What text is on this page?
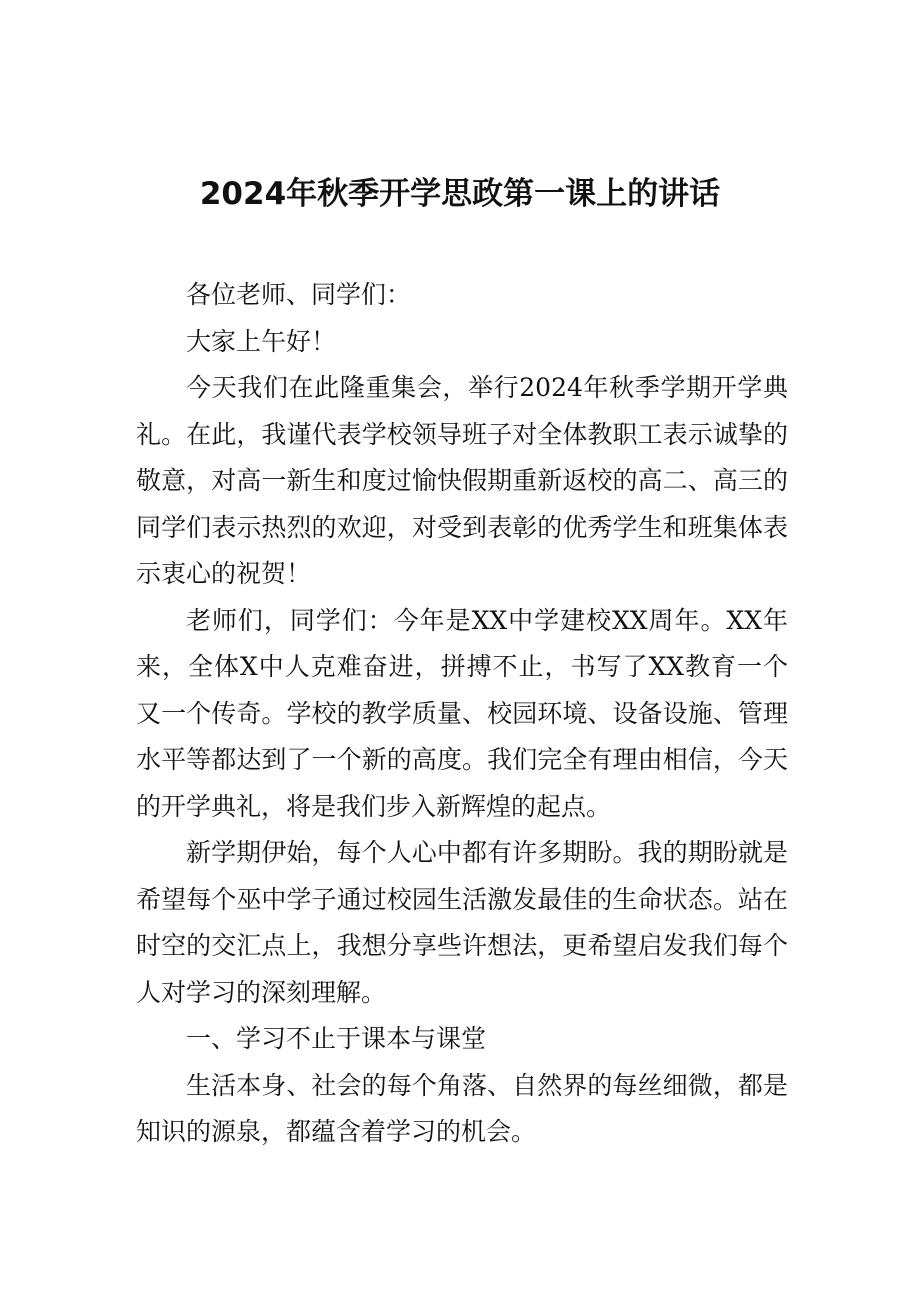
2024年秋季开学思政第一课上的讲话

各位老师、同学们：

大家上午好！

今天我们在此隆重集会，举行2024年秋季学期开学典礼。在此，我谨代表学校领导班子对全体教职工表示诚挚的敬意，对高一新生和度过愉快假期重新返校的高二、高三的同学们表示热烈的欢迎，对受到表彰的优秀学生和班集体表示衷心的祝贺！

老师们，同学们：今年是XX中学建校XX周年。XX年来，全体X中人克难奋进，拼搏不止，书写了XX教育一个又一个传奇。学校的教学质量、校园环境、设备设施、管理水平等都达到了一个新的高度。我们完全有理由相信，今天的开学典礼，将是我们步入新辉煌的起点。

新学期伊始，每个人心中都有许多期盼。我的期盼就是希望每个巫中学子通过校园生活激发最佳的生命状态。站在时空的交汇点上，我想分享些许想法，更希望启发我们每个人对学习的深刻理解。

一、学习不止于课本与课堂

生活本身、社会的每个角落、自然界的每丝细微，都是知识的源泉，都蕴含着学习的机会。
